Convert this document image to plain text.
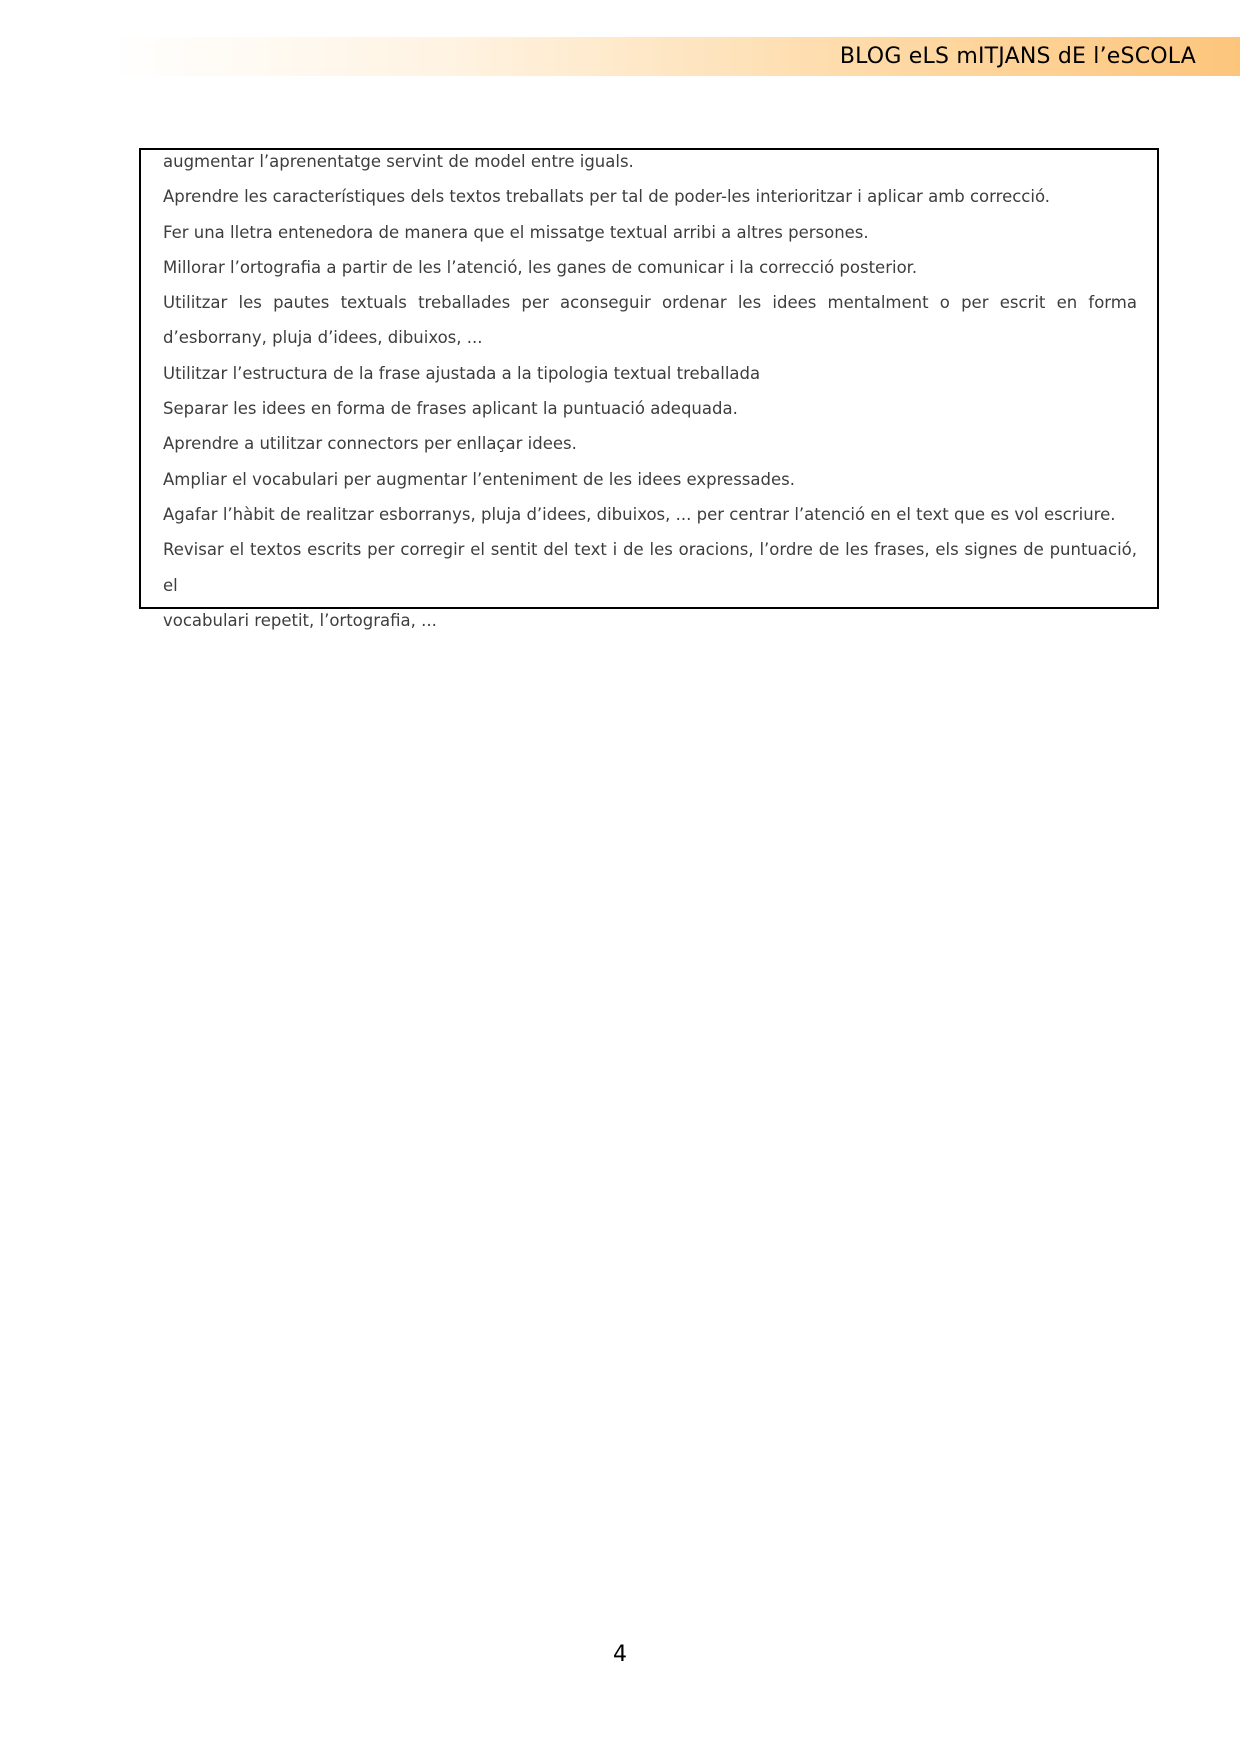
BLOG eLS mITJANS dE l’eSCOLA

augmentar l’aprenentatge servint de model entre iguals.

Aprendre les característiques dels textos treballats per tal de poder-les interioritzar i aplicar amb correcció.

Fer una lletra entenedora de manera que el missatge textual arribi a altres persones.

Millorar l’ortografia a partir de les l’atenció, les ganes de comunicar i la correcció posterior.

Utilitzar les pautes textuals treballades per aconseguir ordenar les idees mentalment o per escrit en forma

d’esborrany, pluja d’idees, dibuixos, ...

Utilitzar l’estructura de la frase ajustada a la tipologia textual treballada

Separar les idees en forma de frases aplicant la puntuació adequada.

Aprendre a utilitzar connectors per enllaçar idees.

Ampliar el vocabulari per augmentar l’enteniment de les idees expressades.

Agafar l’hàbit de realitzar esborranys, pluja d’idees, dibuixos, ... per centrar l’atenció en el text que es vol escriure.

Revisar el textos escrits per corregir el sentit del text i de les oracions, l’ordre de les frases, els signes de puntuació, el

vocabulari repetit, l’ortografia, ...

4
